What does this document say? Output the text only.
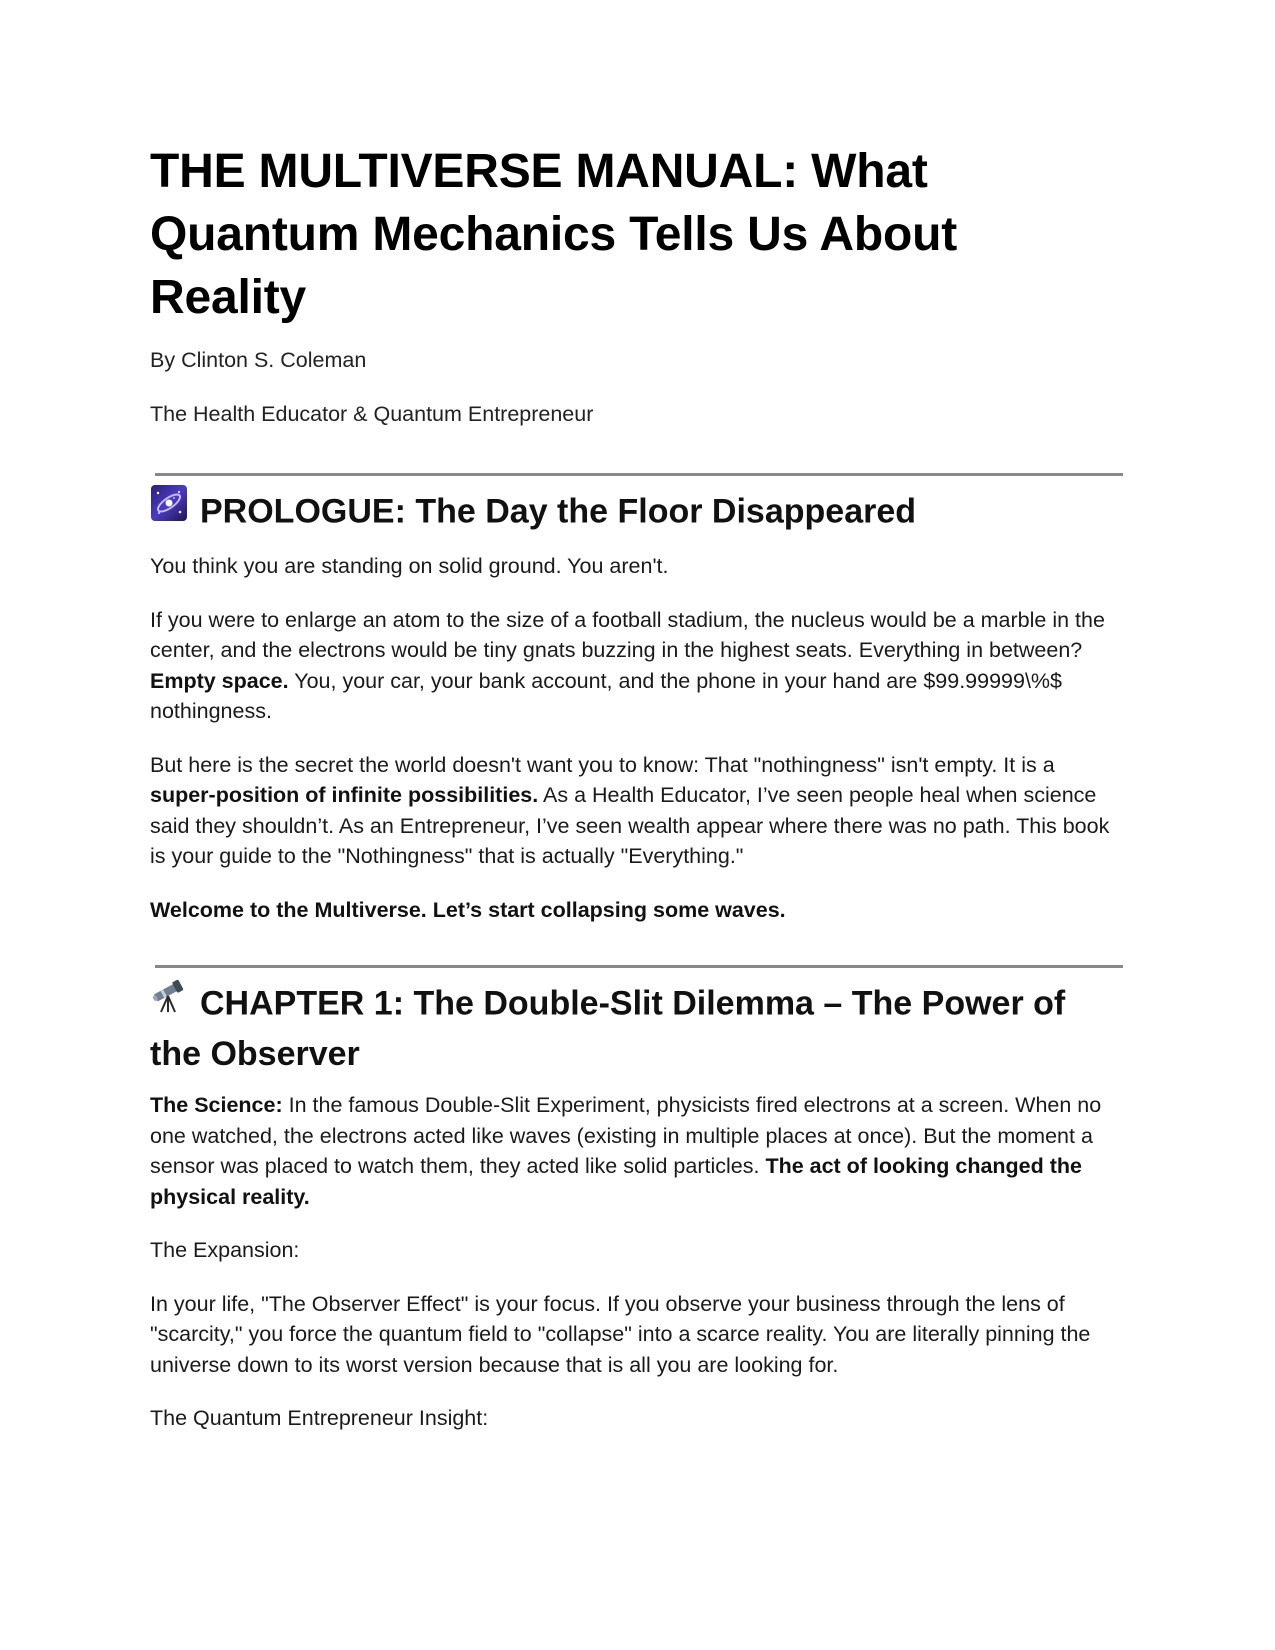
THE MULTIVERSE MANUAL: What Quantum Mechanics Tells Us About Reality

By Clinton S. Coleman

The Health Educator & Quantum Entrepreneur

PROLOGUE: The Day the Floor Disappeared

You think you are standing on solid ground. You aren't.

If you were to enlarge an atom to the size of a football stadium, the nucleus would be a marble in the center, and the electrons would be tiny gnats buzzing in the highest seats. Everything in between? Empty space. You, your car, your bank account, and the phone in your hand are $99.99999\%$ nothingness.

But here is the secret the world doesn't want you to know: That "nothingness" isn't empty. It is a super-position of infinite possibilities. As a Health Educator, I’ve seen people heal when science said they shouldn’t. As an Entrepreneur, I’ve seen wealth appear where there was no path. This book is your guide to the "Nothingness" that is actually "Everything."

Welcome to the Multiverse. Let’s start collapsing some waves.

CHAPTER 1: The Double-Slit Dilemma – The Power of the Observer

The Science: In the famous Double-Slit Experiment, physicists fired electrons at a screen. When no one watched, the electrons acted like waves (existing in multiple places at once). But the moment a sensor was placed to watch them, they acted like solid particles. The act of looking changed the physical reality.

The Expansion:

In your life, "The Observer Effect" is your focus. If you observe your business through the lens of "scarcity," you force the quantum field to "collapse" into a scarce reality. You are literally pinning the universe down to its worst version because that is all you are looking for.

The Quantum Entrepreneur Insight:
